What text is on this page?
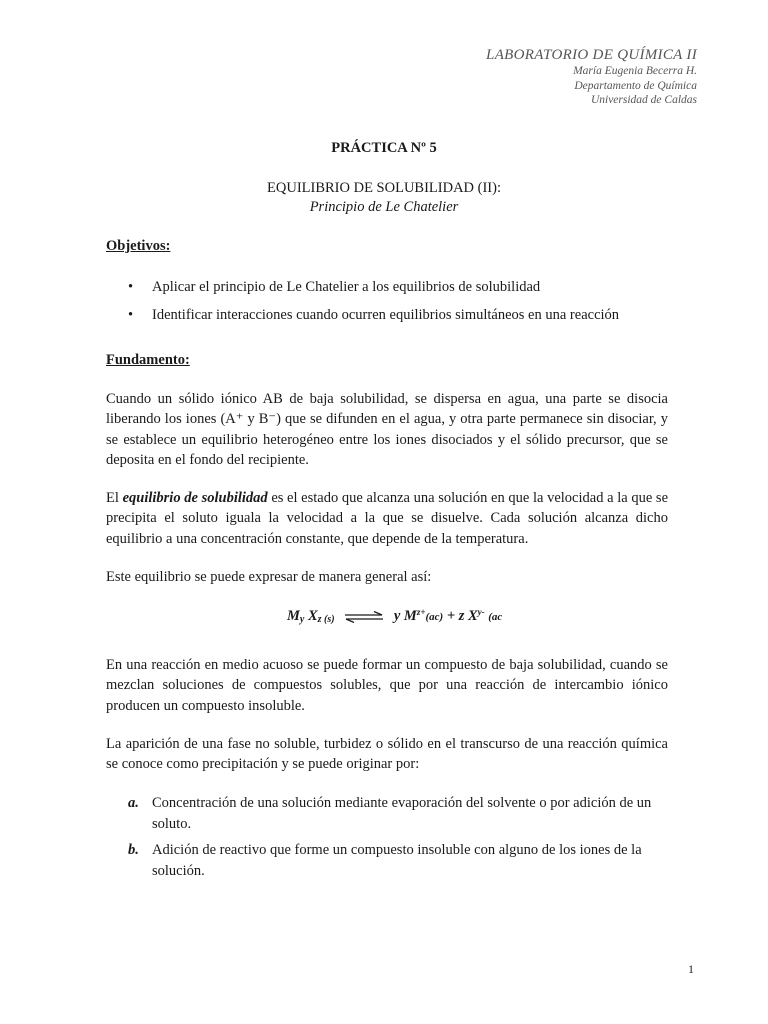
LABORATORIO DE QUÍMICA II
María Eugenia Becerra H.
Departamento de Química
Universidad de Caldas
PRÁCTICA Nº 5
EQUILIBRIO DE SOLUBILIDAD (II):
Principio de Le Chatelier
Objetivos:
• Aplicar el principio de Le Chatelier a los equilibrios de solubilidad
• Identificar interacciones cuando ocurren equilibrios simultáneos en una reacción
Fundamento:

Cuando un sólido iónico AB de baja solubilidad, se dispersa en agua, una parte se disocia liberando los iones (A⁺ y B⁻) que se difunden en el agua, y otra parte permanece sin disociar, y se establece un equilibrio heterogéneo entre los iones disociados y el sólido precursor, que se deposita en el fondo del recipiente.

El equilibrio de solubilidad es el estado que alcanza una solución en que la velocidad a la que se precipita el soluto iguala la velocidad a la que se disuelve. Cada solución alcanza dicho equilibrio a una concentración constante, que depende de la temperatura.

Este equilibrio se puede expresar de manera general así:

$M_y$ $X_{z (s)}$ ⇌ y $M^{z+}(ac) + z$ $X^{y-}$ (ac

En una reacción en medio acuoso se puede formar un compuesto de baja solubilidad, cuando se mezclan soluciones de compuestos solubles, que por una reacción de intercambio iónico producen un compuesto insoluble.

La aparición de una fase no soluble, turbidez o sólido en el transcurso de una reacción química se conoce como precipitación y se puede originar por:

a. Concentración de una solución mediante evaporación del solvente o por adición de un soluto.
b. Adición de reactivo que forme un compuesto insoluble con alguno de los iones de la solución.
1
